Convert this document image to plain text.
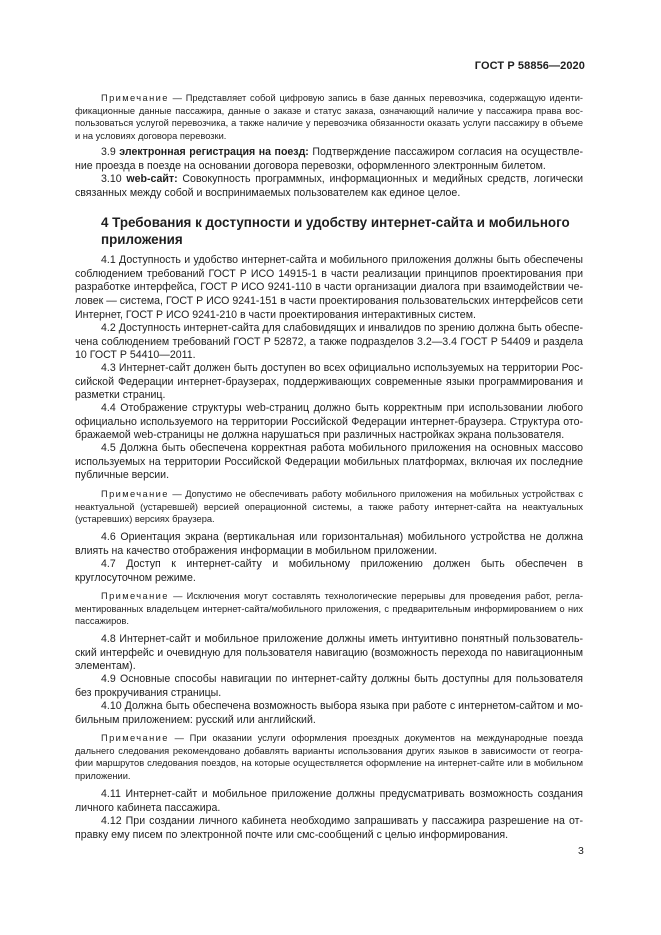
ГОСТ Р 58856—2020

Примечание — Представляет собой цифровую запись в базе данных перевозчика, содержащую иденти-фикационные данные пассажира, данные о заказе и статус заказа, означающий наличие у пассажира права вос-пользоваться услугой перевозчика, а также наличие у перевозчика обязанности оказать услуги пассажиру в объеме и на условиях договора перевозки.

3.9 электронная регистрация на поезд: Подтверждение пассажиром согласия на осуществле-ние проезда в поезде на основании договора перевозки, оформленного электронным билетом.

3.10 web-сайт: Совокупность программных, информационных и медийных средств, логически связанных между собой и воспринимаемых пользователем как единое целое.

4 Требования к доступности и удобству интернет-сайта и мобильного приложения

4.1 Доступность и удобство интернет-сайта и мобильного приложения должны быть обеспечены соблюдением требований ГОСТ Р ИСО 14915-1 в части реализации принципов проектирования при разработке интерфейса, ГОСТ Р ИСО 9241-110 в части организации диалога при взаимодействии че-ловек — система, ГОСТ Р ИСО 9241-151 в части проектирования пользовательских интерфейсов сети Интернет, ГОСТ Р ИСО 9241-210 в части проектирования интерактивных систем.

4.2 Доступность интернет-сайта для слабовидящих и инвалидов по зрению должна быть обеспе-чена соблюдением требований ГОСТ Р 52872, а также подразделов 3.2—3.4 ГОСТ Р 54409 и раздела 10 ГОСТ Р 54410—2011.

4.3 Интернет-сайт должен быть доступен во всех официально используемых на территории Рос-сийской Федерации интернет-браузерах, поддерживающих современные языки программирования и разметки страниц.

4.4 Отображение структуры web-страниц должно быть корректным при использовании любого официально используемого на территории Российской Федерации интернет-браузера. Структура ото-бражаемой web-страницы не должна нарушаться при различных настройках экрана пользователя.

4.5 Должна быть обеспечена корректная работа мобильного приложения на основных массово используемых на территории Российской Федерации мобильных платформах, включая их последние публичные версии.

Примечание — Допустимо не обеспечивать работу мобильного приложения на мобильных устройствах с неактуальной (устаревшей) версией операционной системы, а также работу интернет-сайта на неактуальных (устаревших) версиях браузера.

4.6 Ориентация экрана (вертикальная или горизонтальная) мобильного устройства не должна влиять на качество отображения информации в мобильном приложении.

4.7 Доступ к интернет-сайту и мобильному приложению должен быть обеспечен в круглосуточном режиме.

Примечание — Исключения могут составлять технологические перерывы для проведения работ, регла-ментированных владельцем интернет-сайта/мобильного приложения, с предварительным информированием о них пассажиров.

4.8 Интернет-сайт и мобильное приложение должны иметь интуитивно понятный пользователь-ский интерфейс и очевидную для пользователя навигацию (возможность перехода по навигационным элементам).

4.9 Основные способы навигации по интернет-сайту должны быть доступны для пользователя без прокручивания страницы.

4.10 Должна быть обеспечена возможность выбора языка при работе с интернетом-сайтом и мо-бильным приложением: русский или английский.

Примечание — При оказании услуги оформления проездных документов на международные поезда дальнего следования рекомендовано добавлять варианты использования других языков в зависимости от геогра-фии маршрутов следования поездов, на которые осуществляется оформление на интернет-сайте или в мобильном приложении.

4.11 Интернет-сайт и мобильное приложение должны предусматривать возможность создания личного кабинета пассажира.

4.12 При создании личного кабинета необходимо запрашивать у пассажира разрешение на от-правку ему писем по электронной почте или смс-сообщений с целью информирования.

3
